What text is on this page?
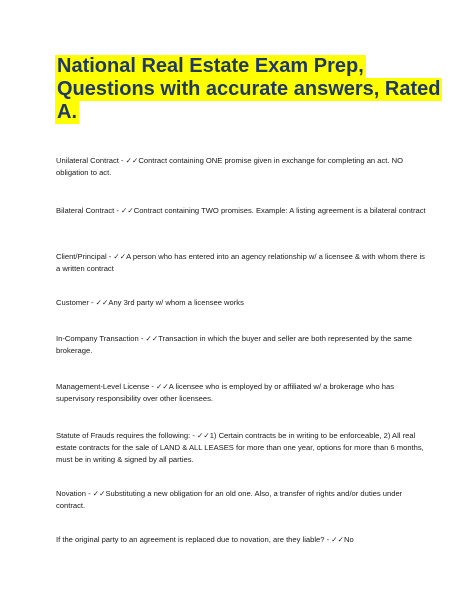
National Real Estate Exam Prep,
Questions with accurate answers, Rated
A.
Unilateral Contract - ✓✓Contract containing ONE promise given in exchange for completing an act. NO obligation to act.
Bilateral Contract - ✓✓Contract containing TWO promises. Example: A listing agreement is a bilateral contract
Client/Principal - ✓✓A person who has entered into an agency relationship w/ a licensee & with whom there is a written contract
Customer - ✓✓Any 3rd party w/ whom a licensee works
In-Company Transaction - ✓✓Transaction in which the buyer and seller are both represented by the same brokerage.
Management-Level License - ✓✓A licensee who is employed by or affiliated w/ a brokerage who has supervisory responsibility over other licensees.
Statute of Frauds requires the following: - ✓✓1) Certain contracts be in writing to be enforceable, 2) All real estate contracts for the sale of LAND & ALL LEASES for more than one year, options for more than 6 months, must be in writing & signed by all parties.
Novation - ✓✓Substituting a new obligation for an old one. Also, a transfer of rights and/or duties under contract.
If the original party to an agreement is replaced due to novation, are they liable? - ✓✓No
